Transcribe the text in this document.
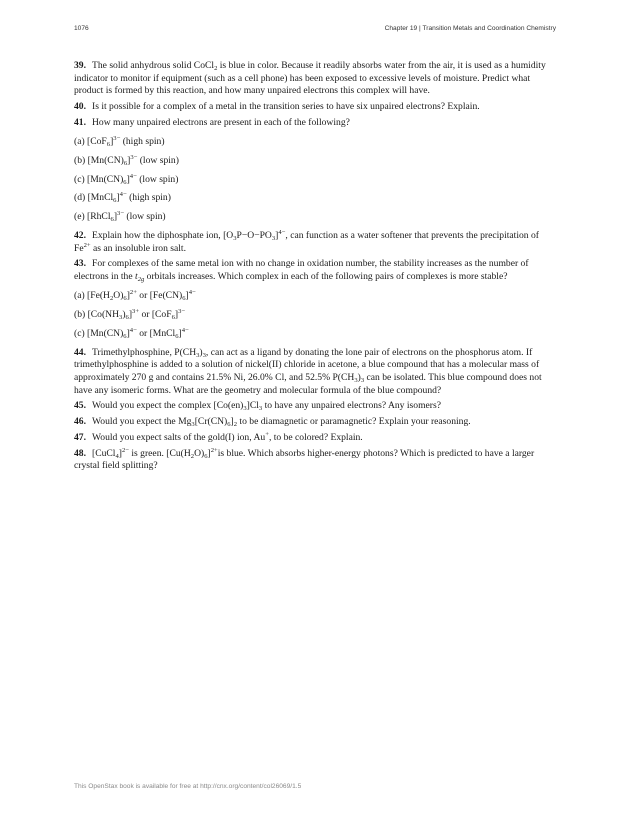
1076	Chapter 19 | Transition Metals and Coordination Chemistry

39. The solid anhydrous solid CoCl$_2$ is blue in color. Because it readily absorbs water from the air, it is used as a humidity indicator to monitor if equipment (such as a cell phone) has been exposed to excessive levels of moisture. Predict what product is formed by this reaction, and how many unpaired electrons this complex will have.

40. Is it possible for a complex of a metal in the transition series to have six unpaired electrons? Explain.

41. How many unpaired electrons are present in each of the following?

(a) $[CoF_6]^{3-}$ (high spin)

(b) $[Mn(CN)_6]^{3-}$ (low spin)

(c) $[Mn(CN)_6]^{4-}$ (low spin)

(d) [MnCl$_6$]$^{4-}$ (high spin)

(e) [RhCl$_6$]$^{3-}$ (low spin)

42. Explain how the diphosphate ion, $[O_3P-O-PO_3]^{4-}$, can function as a water softener that prevents the precipitation of $Fe^{2+}$ as an insoluble iron salt.

43. For complexes of the same metal ion with no change in oxidation number, the stability increases as the number of electrons in the $t_{2g}$ orbitals increases. Which complex in each of the following pairs of complexes is more stable?

(a) $[Fe(H_2O)_6]^{2+}$ or $[Fe(CN)_6]^{4-}$

(b) $[Co(NH_3)_6]^{3+}$ or $[CoF_6]^{3-}$

(c) $[Mn(CN)_6]^{4-}$ or [MnCl$_6$]$^{4-}$

44. Trimethylphosphine, $P(CH_3)_3$, can act as a ligand by donating the lone pair of electrons on the phosphorus atom. If trimethylphosphine is added to a solution of nickel(II) chloride in acetone, a blue compound that has a molecular mass of approximately 270 g and contains 21.5% Ni, 26.0% Cl, and 52.5% $P(CH_3)_3$ can be isolated. This blue compound does not have any isomeric forms. What are the geometry and molecular formula of the blue compound?

45. Would you expect the complex $[Co(en)_3]Cl_3$ to have any unpaired electrons? Any isomers?

46. Would you expect the $Mg_3[Cr(CN)_6]_2$ to be diamagnetic or paramagnetic? Explain your reasoning.

47. Would you expect salts of the gold(I) ion, Au+, to be colored? Explain.

48. [CuCl$_4$]$^{2-}$ is green. $[Cu(H_2O)_6]^{2+}is$ blue. Which absorbs higher-energy photons? Which is predicted to have a larger crystal field splitting?

This OpenStax book is available for free at http://cnx.org/content/col26069/1.5
